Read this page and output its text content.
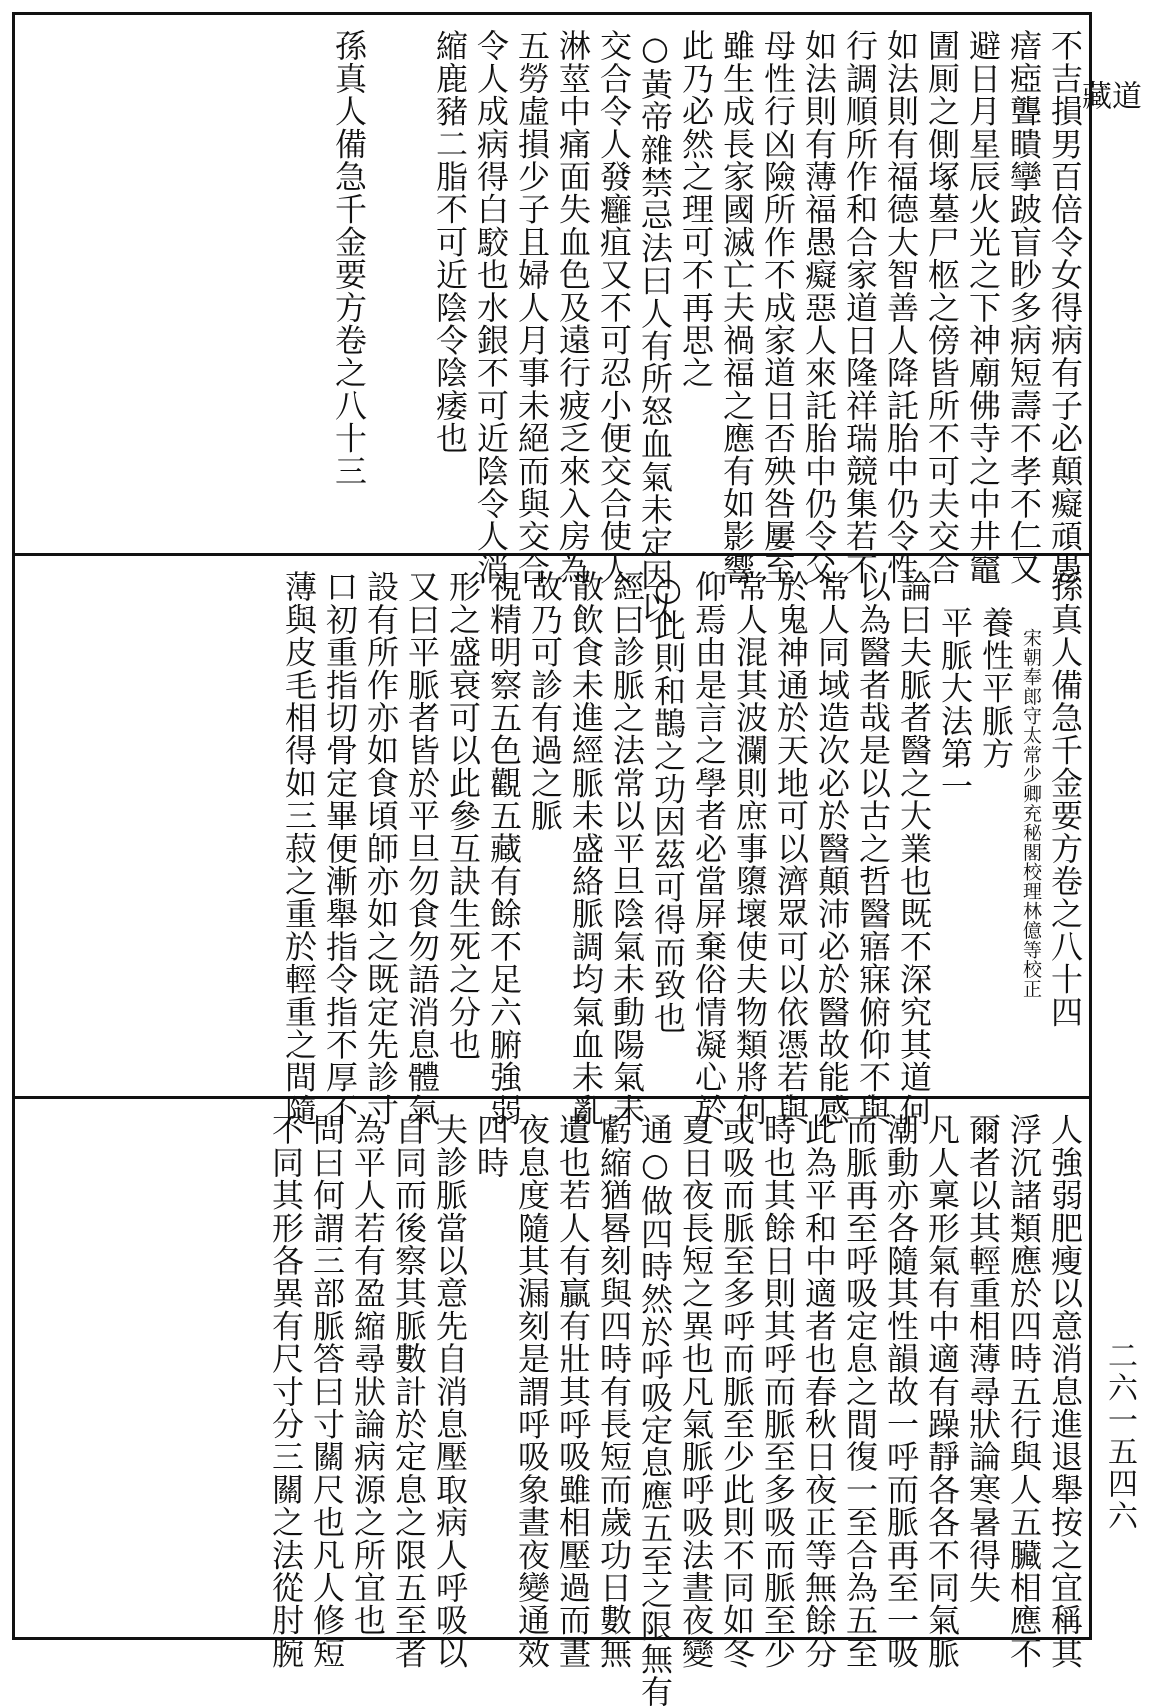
道
藏
二六一五四六
不吉損男百倍令女得病有子必顛癡頑愚
瘖瘂聾瞶攣跛盲眇多病短壽不孝不仁又
避日月星辰火光之下神廟佛寺之中井竈
圊厠之側塚墓尸柩之傍皆所不可夫交合
如法則有福德大智善人降託胎中仍令性
行調順所作和合家道日隆祥瑞競集若不
如法則有薄福愚癡惡人來託胎中仍令父
母性行凶險所作不成家道日否殃咎屢至
雖生成長家國滅亡夫禍福之應有如影響
此乃必然之理可不再思之
○黃帝雜禁忌法曰人有所怒血氣未定因以
交合令人發癰疽又不可忍小便交合使人
淋莖中痛面失血色及遠行疲乏來入房為
五勞虛損少子且婦人月事未絕而與交合
令人成病得白駮也水銀不可近陰令人消
縮鹿豬二脂不可近陰令陰痿也
孫真人備急千金要方卷之八十三
孫真人備急千金要方卷之八十四
宋朝奉郎守太常少卿充秘閣校理林億等校正
養性平脈方
平脈大法第一
論曰夫脈者醫之大業也既不深究其道何
以為醫者哉是以古之哲醫寤寐俯仰不與
常人同域造次必於醫顛沛必於醫故能感
於鬼神通於天地可以濟眾可以依憑若與
常人混其波瀾則庶事隳壞使夫物類將何
仰焉由是言之學者必當屏棄俗情凝心於
○此則和鵲之功因茲可得而致也
經曰診脈之法常以平旦陰氣未動陽氣未
散飲食未進經脈未盛絡脈調均氣血未亂
故乃可診有過之脈
視精明察五色觀五藏有餘不足六腑強弱
形之盛衰可以此參互訣生死之分也
又曰平脈者皆於平旦勿食勿語消息體氣
設有所作亦如食頃師亦如之既定先診寸
口初重指切骨定畢便漸舉指令指不厚不
薄與皮毛相得如三菽之重於輕重之間隨
人強弱肥瘦以意消息進退舉按之宜稱其
浮沉諸類應於四時五行與人五臟相應不
爾者以其輕重相薄尋狀論寒暑得失
凡人稟形氣有中適有躁靜各各不同氣脈
潮動亦各隨其性韻故一呼而脈再至一吸
而脈再至呼吸定息之間復一至合為五至
此為平和中適者也春秋日夜正等無餘分
時也其餘日則其呼而脈至多吸而脈至少
或吸而脈至多呼而脈至少此則不同如冬
夏日夜長短之異也凡氣脈呼吸法晝夜變
通○做四時然於呼吸定息應五至之限無有
虧縮猶晷刻與四時有長短而歲功日數無
遺也若人有贏有壯其呼吸雖相壓過而晝
夜息度隨其漏刻是謂呼吸象晝夜變通效
四時
夫診脈當以意先自消息壓取病人呼吸以
自同而後察其脈數計於定息之限五至者
為平人若有盈縮尋狀論病源之所宜也
問曰何謂三部脈答曰寸關尺也凡人修短
不同其形各異有尺寸分三關之法從肘腕
